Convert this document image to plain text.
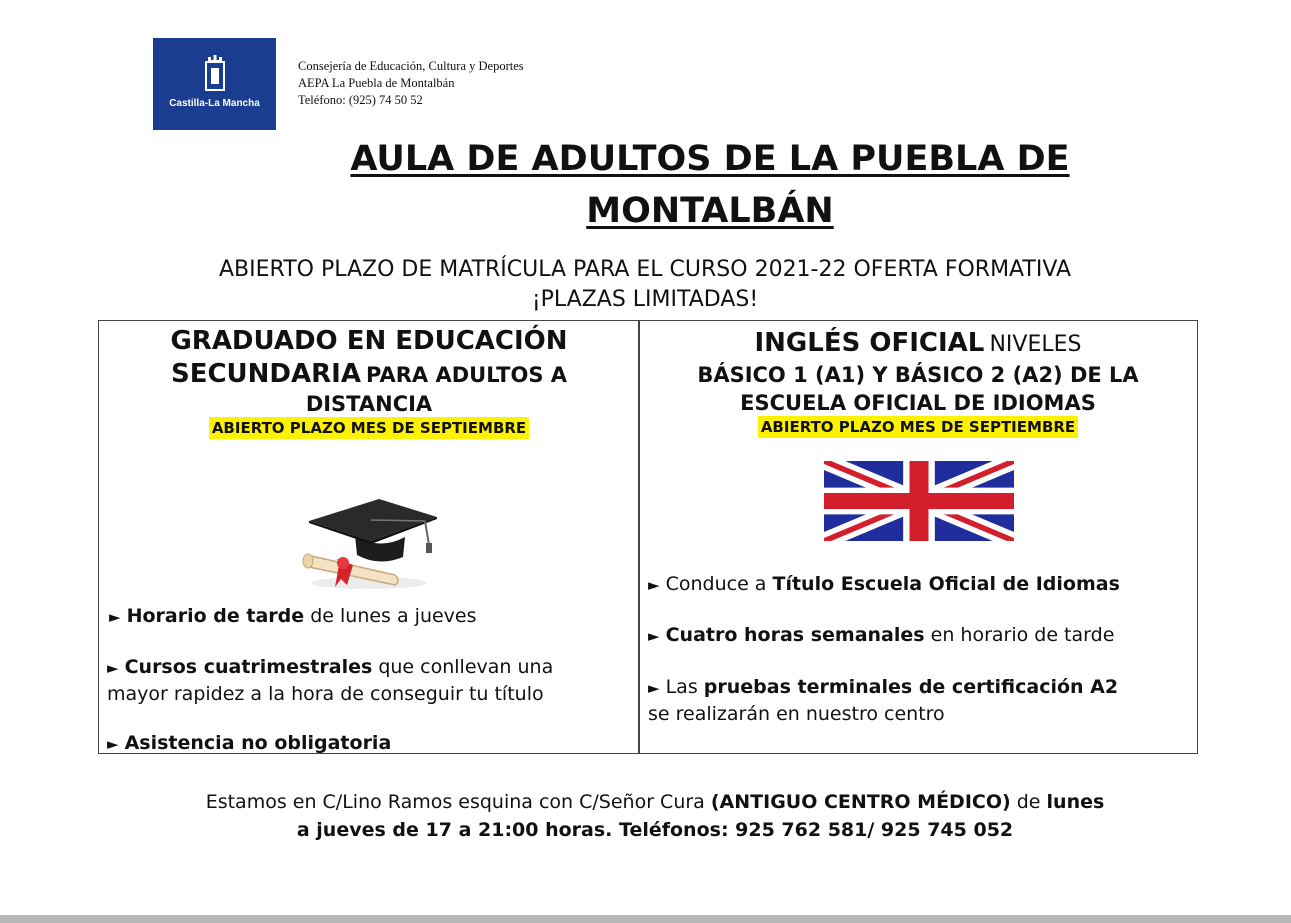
Castilla-La Mancha
Consejería de Educación, Cultura y Deportes
AEPA La Puebla de Montalbán
Teléfono: (925) 74 50 52
AULA DE ADULTOS DE LA PUEBLA DE
MONTALBÁN
ABIERTO PLAZO DE MATRÍCULA PARA EL CURSO 2021-22 OFERTA FORMATIVA
¡PLAZAS LIMITADAS!
GRADUADO EN EDUCACIÓN
SECUNDARIA PARA ADULTOS A
DISTANCIA
ABIERTO PLAZO MES DE SEPTIEMBRE
► Horario de tarde de lunes a jueves
► Cursos cuatrimestrales que conllevan una
mayor rapidez a la hora de conseguir tu título
► Asistencia no obligatoria
INGLÉS OFICIAL NIVELES
BÁSICO 1 (A1) Y BÁSICO 2 (A2) DE LA
ESCUELA OFICIAL DE IDIOMAS
ABIERTO PLAZO MES DE SEPTIEMBRE
► Conduce a Título Escuela Oficial de Idiomas
► Cuatro horas semanales en horario de tarde
► Las pruebas terminales de certificación A2
se realizarán en nuestro centro
Estamos en C/Lino Ramos esquina con C/Señor Cura (ANTIGUO CENTRO MÉDICO) de lunes
a jueves de 17 a 21:00 horas. Teléfonos: 925 762 581/ 925 745 052
